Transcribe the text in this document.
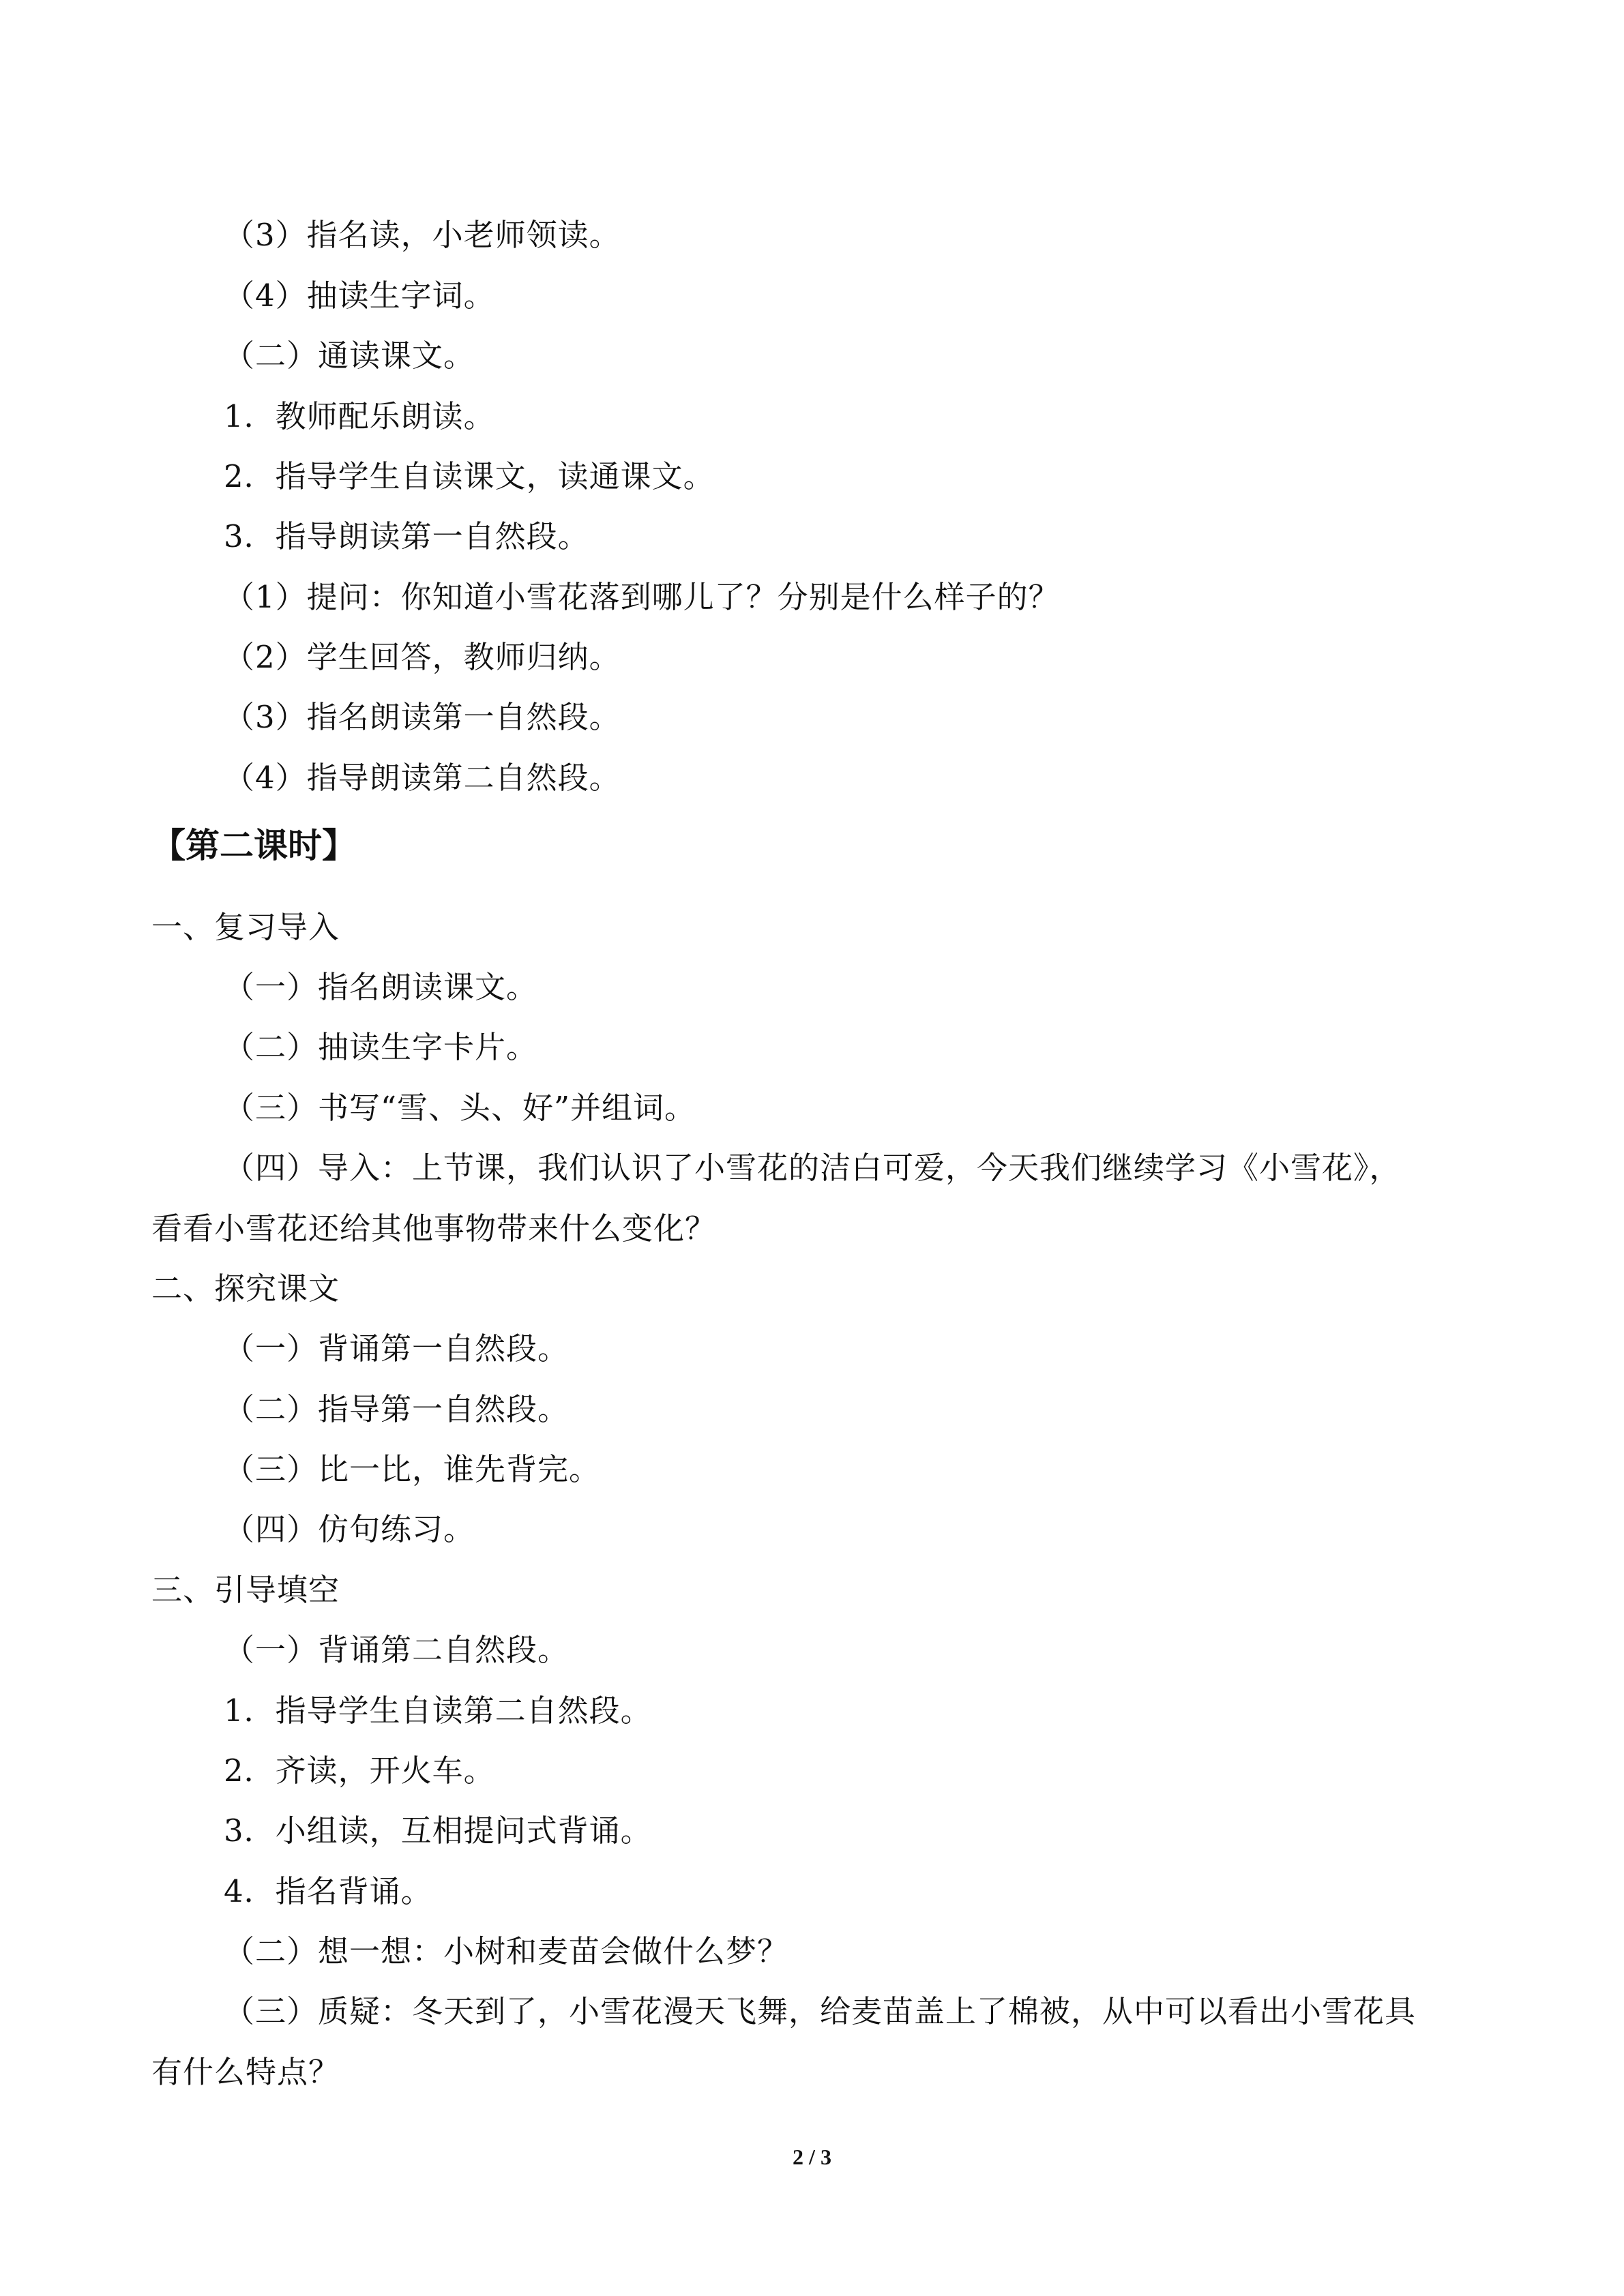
（3）指名读，小老师领读。
（4）抽读生字词。
（二）通读课文。
1．教师配乐朗读。
2．指导学生自读课文，读通课文。
3．指导朗读第一自然段。
（1）提问：你知道小雪花落到哪儿了？分别是什么样子的？
（2）学生回答，教师归纳。
（3）指名朗读第一自然段。
（4）指导朗读第二自然段。
【第二课时】
一、复习导入
（一）指名朗读课文。
（二）抽读生字卡片。
（三）书写“雪、头、好”并组词。
（四）导入：上节课，我们认识了小雪花的洁白可爱，今天我们继续学习《小雪花》，
看看小雪花还给其他事物带来什么变化？
二、探究课文
（一）背诵第一自然段。
（二）指导第一自然段。
（三）比一比，谁先背完。
（四）仿句练习。
三、引导填空
（一）背诵第二自然段。
1．指导学生自读第二自然段。
2．齐读，开火车。
3．小组读，互相提问式背诵。
4．指名背诵。
（二）想一想：小树和麦苗会做什么梦？
（三）质疑：冬天到了，小雪花漫天飞舞，给麦苗盖上了棉被，从中可以看出小雪花具
有什么特点？
2 / 3
